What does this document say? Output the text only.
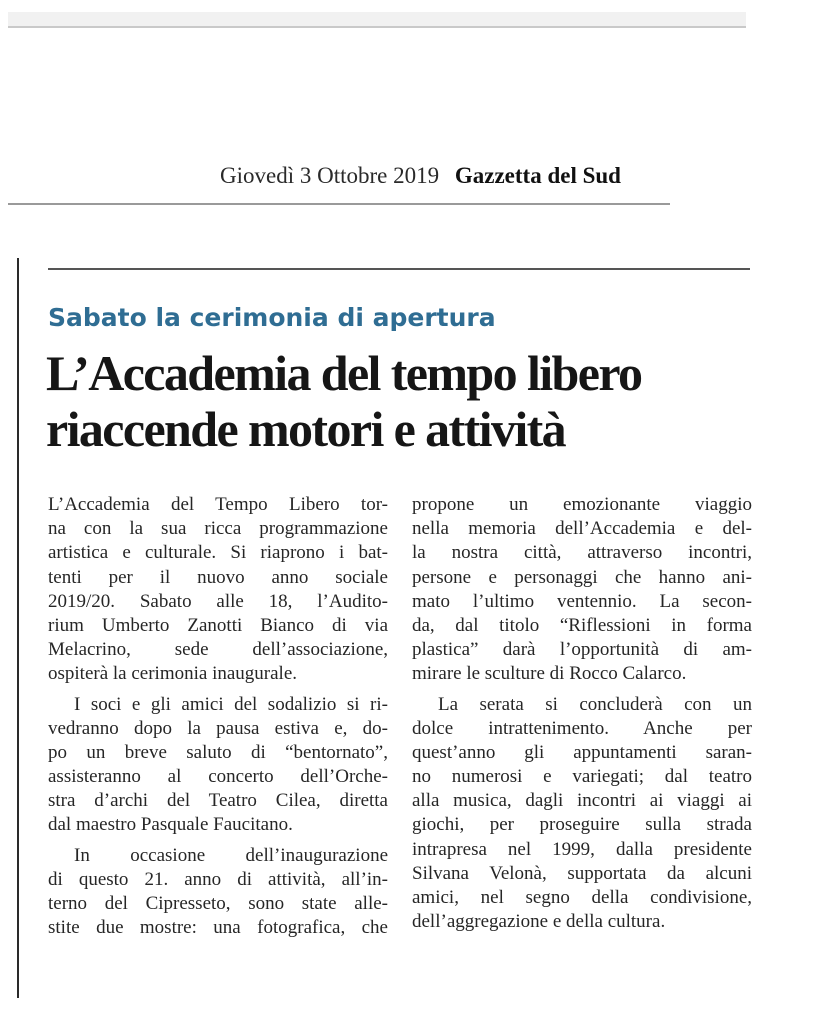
Giovedì 3 Ottobre 2019 Gazzetta del Sud
Sabato la cerimonia di apertura
L’Accademia del tempo libero
riaccende motori e attività
L’Accademia del Tempo Libero tor-
na con la sua ricca programmazione
artistica e culturale. Si riaprono i bat-
tenti per il nuovo anno sociale
2019/20. Sabato alle 18, l’Audito-
rium Umberto Zanotti Bianco di via
Melacrino, sede dell’associazione,
ospiterà la cerimonia inaugurale.
I soci e gli amici del sodalizio si ri-
vedranno dopo la pausa estiva e, do-
po un breve saluto di “bentornato”,
assisteranno al concerto dell’Orche-
stra d’archi del Teatro Cilea, diretta
dal maestro Pasquale Faucitano.
In occasione dell’inaugurazione
di questo 21. anno di attività, all’in-
terno del Cipresseto, sono state alle-
stite due mostre: una fotografica, che
propone un emozionante viaggio
nella memoria dell’Accademia e del-
la nostra città, attraverso incontri,
persone e personaggi che hanno ani-
mato l’ultimo ventennio. La secon-
da, dal titolo “Riflessioni in forma
plastica” darà l’opportunità di am-
mirare le sculture di Rocco Calarco.
La serata si concluderà con un
dolce intrattenimento. Anche per
quest’anno gli appuntamenti saran-
no numerosi e variegati; dal teatro
alla musica, dagli incontri ai viaggi ai
giochi, per proseguire sulla strada
intrapresa nel 1999, dalla presidente
Silvana Velonà, supportata da alcuni
amici, nel segno della condivisione,
dell’aggregazione e della cultura.
